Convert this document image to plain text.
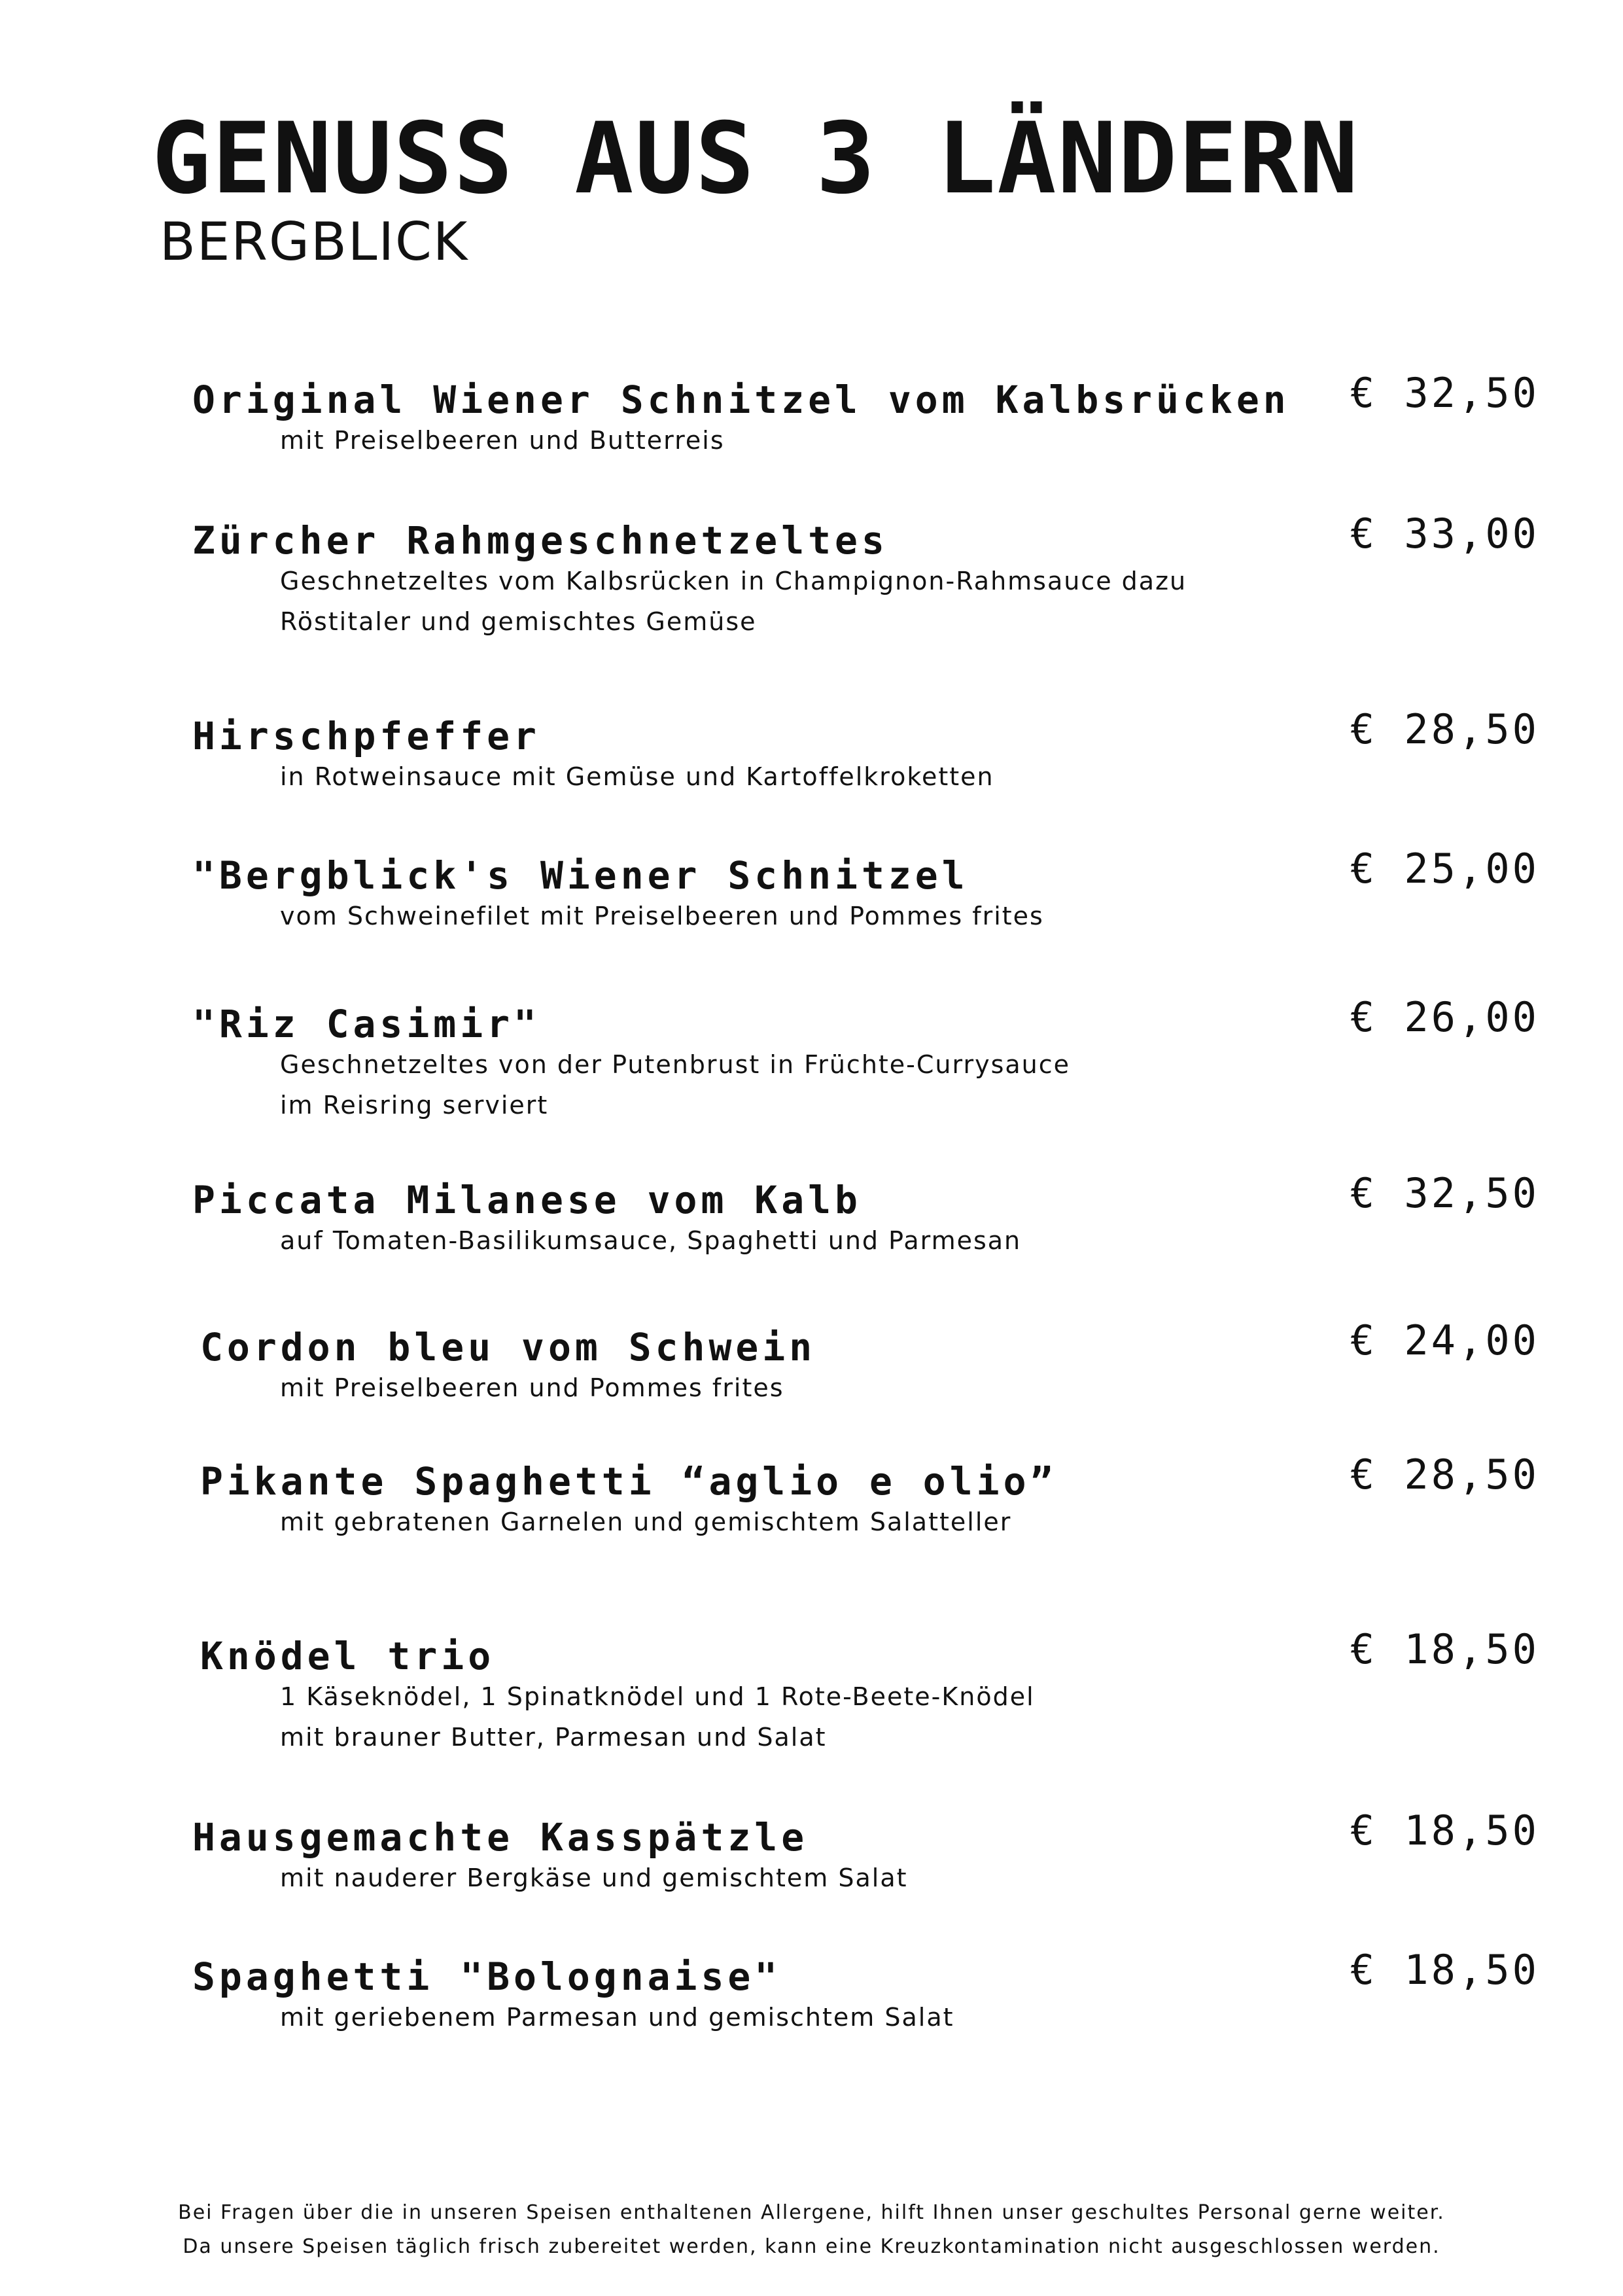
GENUSS AUS 3 LÄNDERN
BERGBLICK
Original Wiener Schnitzel vom Kalbsrücken € 32,50
mit Preiselbeeren und Butterreis
Zürcher Rahmgeschnetzeltes	€ 33,00
Geschnetzeltes vom Kalbsrücken in Champignon-Rahmsauce dazu
Röstitaler und gemischtes Gemüse
Hirschpfeffer	€ 28,50
in Rotweinsauce mit Gemüse und Kartoffelkroketten
"Bergblick's Wiener Schnitzel	€ 25,00
vom Schweinefilet mit Preiselbeeren und Pommes frites
"Riz Casimir"	€ 26,00
Geschnetzeltes von der Putenbrust in Früchte-Currysauce
im Reisring serviert
Piccata Milanese vom Kalb	€ 32,50
auf Tomaten-Basilikumsauce, Spaghetti und Parmesan
Cordon bleu vom Schwein	€ 24,00
mit Preiselbeeren und Pommes frites
Pikante Spaghetti “aglio e olio”	€ 28,50
mit gebratenen Garnelen und gemischtem Salatteller
Knödel trio	€ 18,50
1 Käseknödel, 1 Spinatknödel und 1 Rote-Beete-Knödel
mit brauner Butter, Parmesan und Salat
Hausgemachte Kasspätzle	€ 18,50
mit nauderer Bergkäse und gemischtem Salat
Spaghetti "Bolognaise"	€ 18,50
mit geriebenem Parmesan und gemischtem Salat
Bei Fragen über die in unseren Speisen enthaltenen Allergene, hilft Ihnen unser geschultes Personal gerne weiter.
Da unsere Speisen täglich frisch zubereitet werden, kann eine Kreuzkontamination nicht ausgeschlossen werden.
